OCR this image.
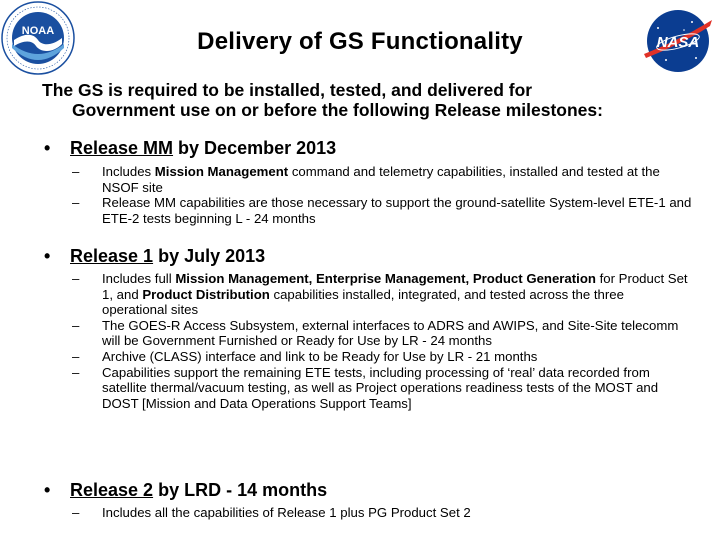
NOAA
NASA
Delivery of GS Functionality
The GS is required to be installed, tested, and delivered for
Government use on or before the following Release milestones:
• Release MM by December 2013
– Includes Mission Management command and telemetry capabilities, installed and tested at the NSOF site
– Release MM capabilities are those necessary to support the ground-satellite System-level ETE-1 and ETE-2 tests beginning L - 24 months
• Release 1 by July 2013
– Includes full Mission Management, Enterprise Management, Product Generation for Product Set 1, and Product Distribution capabilities installed, integrated, and tested across the three operational sites
– The GOES-R Access Subsystem, external interfaces to ADRS and AWIPS, and Site-Site telecomm will be Government Furnished or Ready for Use by LR - 24 months
– Archive (CLASS) interface and link to be Ready for Use by LR - 21 months
– Capabilities support the remaining ETE tests, including processing of ‘real’ data recorded from satellite thermal/vacuum testing, as well as Project operations readiness tests of the MOST and DOST [Mission and Data Operations Support Teams]
• Release 2 by LRD - 14 months
– Includes all the capabilities of Release 1 plus PG Product Set 2
